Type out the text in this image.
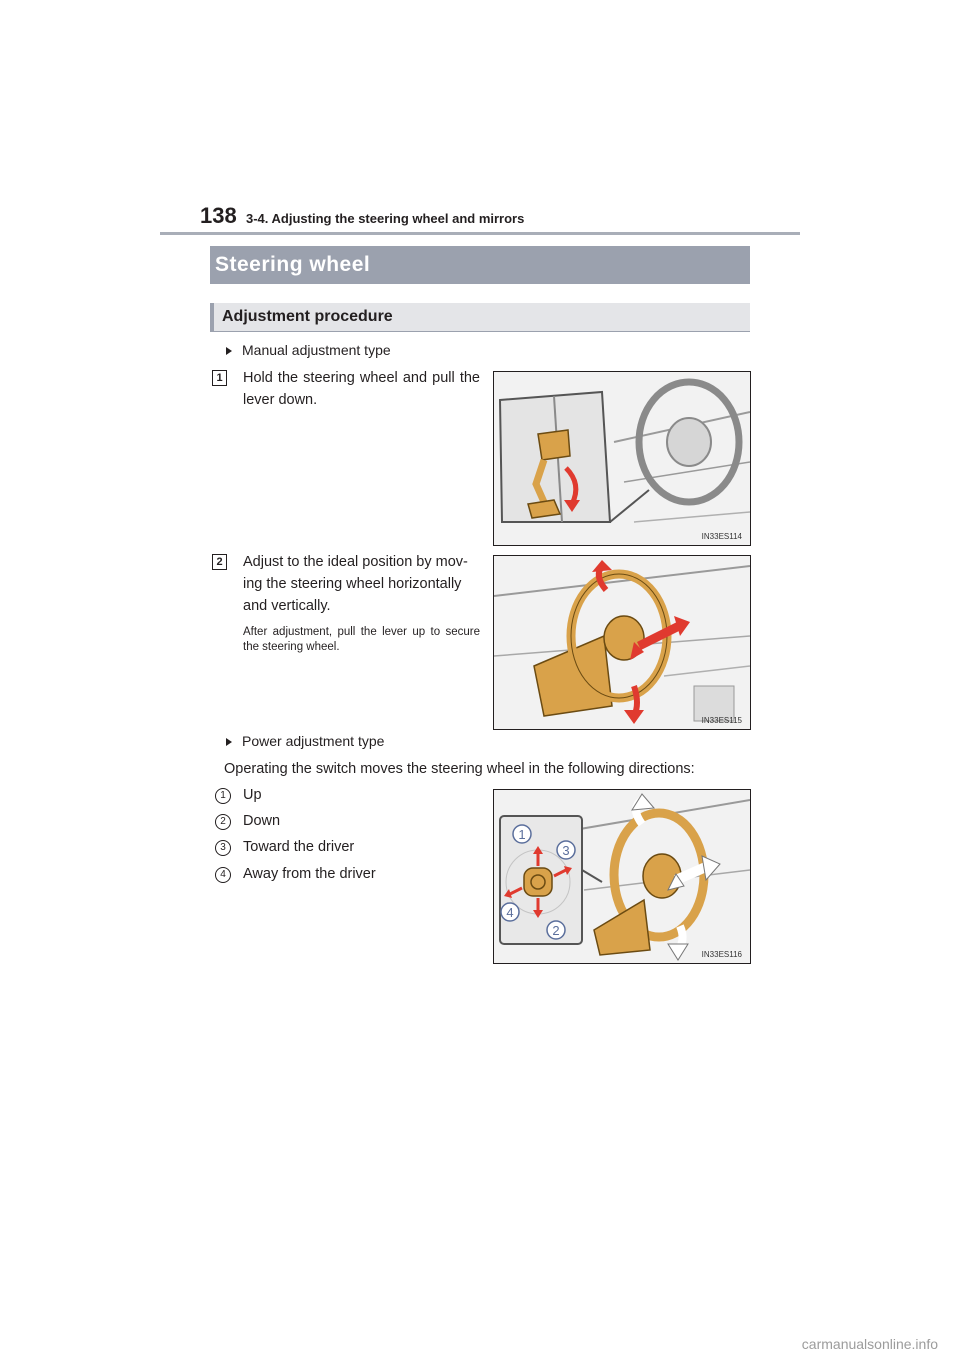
138 3-4. Adjusting the steering wheel and mirrors
Steering wheel
Adjustment procedure
Manual adjustment type
1	Hold the steering wheel and pull the lever down.
IN33ES114
2	Adjust to the ideal position by mov-
ing the steering wheel horizontally
and vertically.
After adjustment, pull the lever up to secure the steering wheel.
IN33ES115
Power adjustment type
Operating the switch moves the steering wheel in the following directions:
1	Up
2	Down
3	Toward the driver
4	Away from the driver
1
2
3
4
IN33ES116
carmanualsonline.info
